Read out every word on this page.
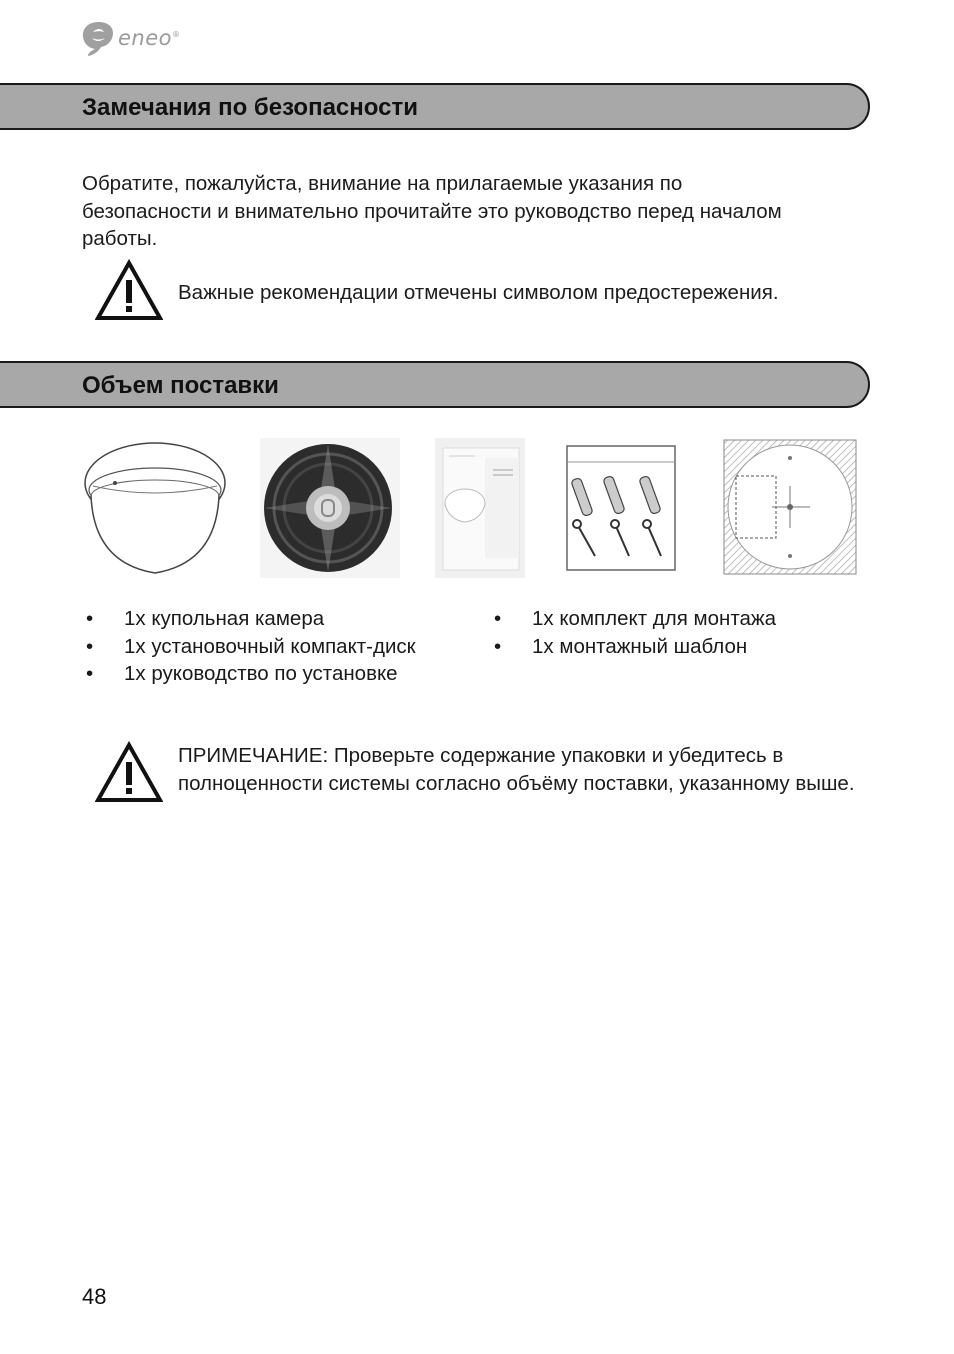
eneo®
Замечания по безопасности
Обратите, пожалуйста, внимание на прилагаемые указания по безопасности и внимательно прочитайте это руководство перед началом работы.
Важные рекомендации отмечены символом предостережения.
Объем поставки
• 1x купольная камера
• 1x установочный компакт-диск
• 1x руководство по установке
• 1x комплект для монтажа
• 1x монтажный шаблон
ПРИМЕЧАНИЕ: Проверьте содержание упаковки и убедитесь в полноценности системы согласно объёму поставки, указанному выше.
48
